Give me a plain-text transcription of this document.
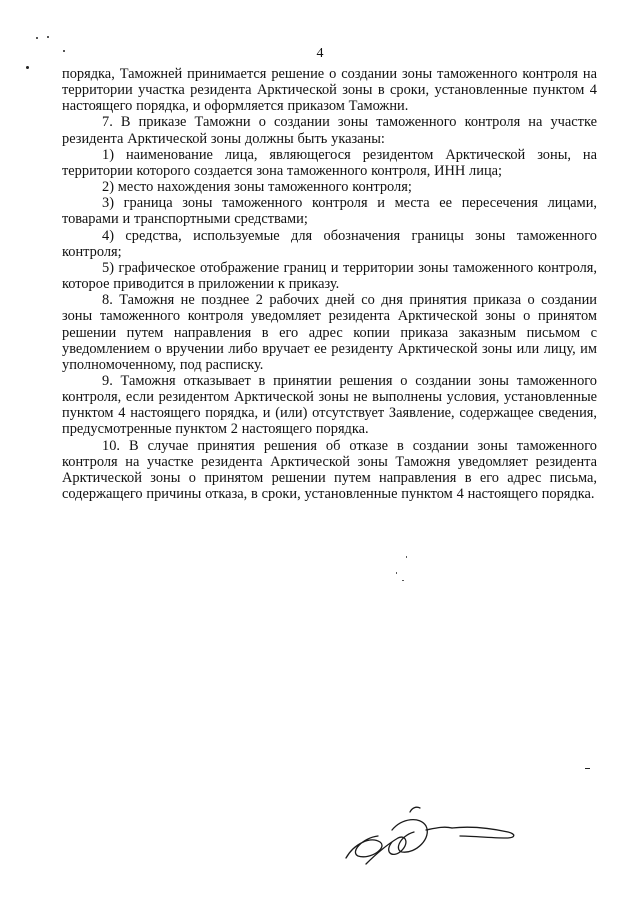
4

порядка, Таможней принимается решение о создании зоны таможенного контроля на территории участка резидента Арктической зоны в сроки, установленные пунктом 4 настоящего порядка, и оформляется приказом Таможни.

7. В приказе Таможни о создании зоны таможенного контроля на участке резидента Арктической зоны должны быть указаны:

1) наименование лица, являющегося резидентом Арктической зоны, на территории которого создается зона таможенного контроля, ИНН лица;

2) место нахождения зоны таможенного контроля;

3) граница зоны таможенного контроля и места ее пересечения лицами, товарами и транспортными средствами;

4) средства, используемые для обозначения границы зоны таможенного контроля;

5) графическое отображение границ и территории зоны таможенного контроля, которое приводится в приложении к приказу.

8. Таможня не позднее 2 рабочих дней со дня принятия приказа о создании зоны таможенного контроля уведомляет резидента Арктической зоны о принятом решении путем направления в его адрес копии приказа заказным письмом с уведомлением о вручении либо вручает ее резиденту Арктической зоны или лицу, им уполномоченному, под расписку.

9. Таможня отказывает в принятии решения о создании зоны таможенного контроля, если резидентом Арктической зоны не выполнены условия, установленные пунктом 4 настоящего порядка, и (или) отсутствует Заявление, содержащее сведения, предусмотренные пунктом 2 настоящего порядка.

10. В случае принятия решения об отказе в создании зоны таможенного контроля на участке резидента Арктической зоны Таможня уведомляет резидента Арктической зоны о принятом решении путем направления в его адрес письма, содержащего причины отказа, в сроки, установленные пунктом 4 настоящего порядка.
